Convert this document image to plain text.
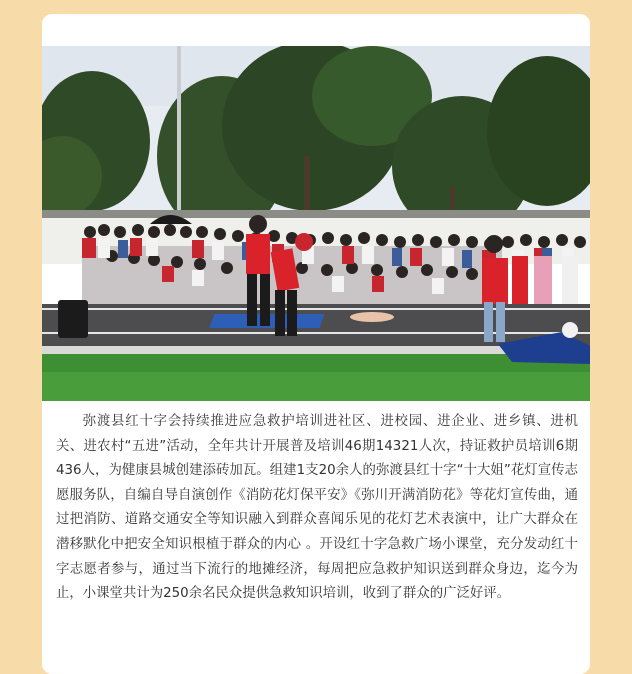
弥渡县红十字会持续推进应急救护培训进社区、进校园、进企业、进乡镇、进机关、进农村“五进”活动，全年共计开展普及培训46期14321人次，持证救护员培训6期436人，为健康县城创建添砖加瓦。组建1支20余人的弥渡县红十字“十大姐”花灯宣传志愿服务队，自编自导自演创作《消防花灯保平安》《弥川开满消防花》等花灯宣传曲，通过把消防、道路交通安全等知识融入到群众喜闻乐见的花灯艺术表演中，让广大群众在潜移默化中把安全知识根植于群众的内心 。开设红十字急救广场小课堂，充分发动红十字志愿者参与，通过当下流行的地摊经济，每周把应急救护知识送到群众身边，迄今为止，小课堂共计为250余名民众提供急救知识培训，收到了群众的广泛好评。
